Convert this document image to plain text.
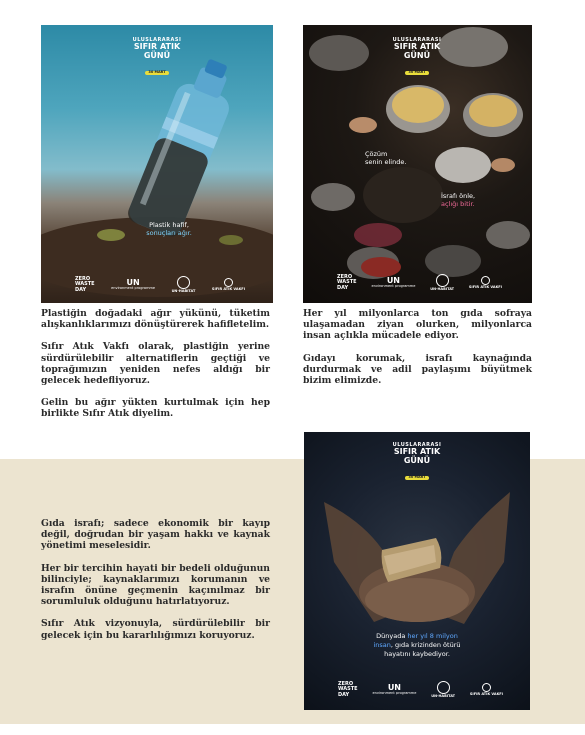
ULUSLARARASI
SIFIR ATIK
GÜNÜ
30 MART
Plastik hafif,
sonuçları ağır.
ZERO
WASTE
DAY
UN
environment programme
UN-HABITAT	SIFIR ATIK VAKFI
ULUSLARARASI
SIFIR ATIK
GÜNÜ
30 MART
Çözüm
senin elinde.
İsrafı önle,
açlığı bitir.
ZERO
WASTE
DAY
UN
environment programme
UN-HABITAT	SIFIR ATIK VAKFI
ULUSLARARASI
SIFIR ATIK
GÜNÜ
30 MART
Dünyada her yıl 8 milyon
insan, gıda krizinden ötürü
hayatını kaybediyor.
ZERO
WASTE
DAY
UN
environment programme
UN-HABITAT	SIFIR ATIK VAKFI

Plastiğin doğadaki ağır yükünü, tüketim alışkanlıklarımızı dönüştürerek hafifletelim.

Sıfır Atık Vakfı olarak, plastiğin yerine sürdürülebilir alternatiflerin geçtiği ve toprağımızın yeniden nefes aldığı bir gelecek hedefliyoruz.

Gelin bu ağır yükten kurtulmak için hep birlikte Sıfır Atık diyelim.

Her yıl milyonlarca ton gıda sofraya ulaşamadan ziyan olurken, milyonlarca insan açlıkla mücadele ediyor.

Gıdayı korumak, israfı kaynağında durdurmak ve adil paylaşımı büyütmek bizim elimizde.

Gıda israfı; sadece ekonomik bir kayıp değil, doğrudan bir yaşam hakkı ve kaynak yönetimi meselesidir.

Her bir tercihin hayati bir bedeli olduğunun bilinciyle; kaynaklarımızı korumanın ve israfın önüne geçmenin kaçınılmaz bir sorumluluk olduğunu hatırlatıyoruz.

Sıfır Atık vizyonuyla, sürdürülebilir bir gelecek için bu kararlılığımızı koruyoruz.
